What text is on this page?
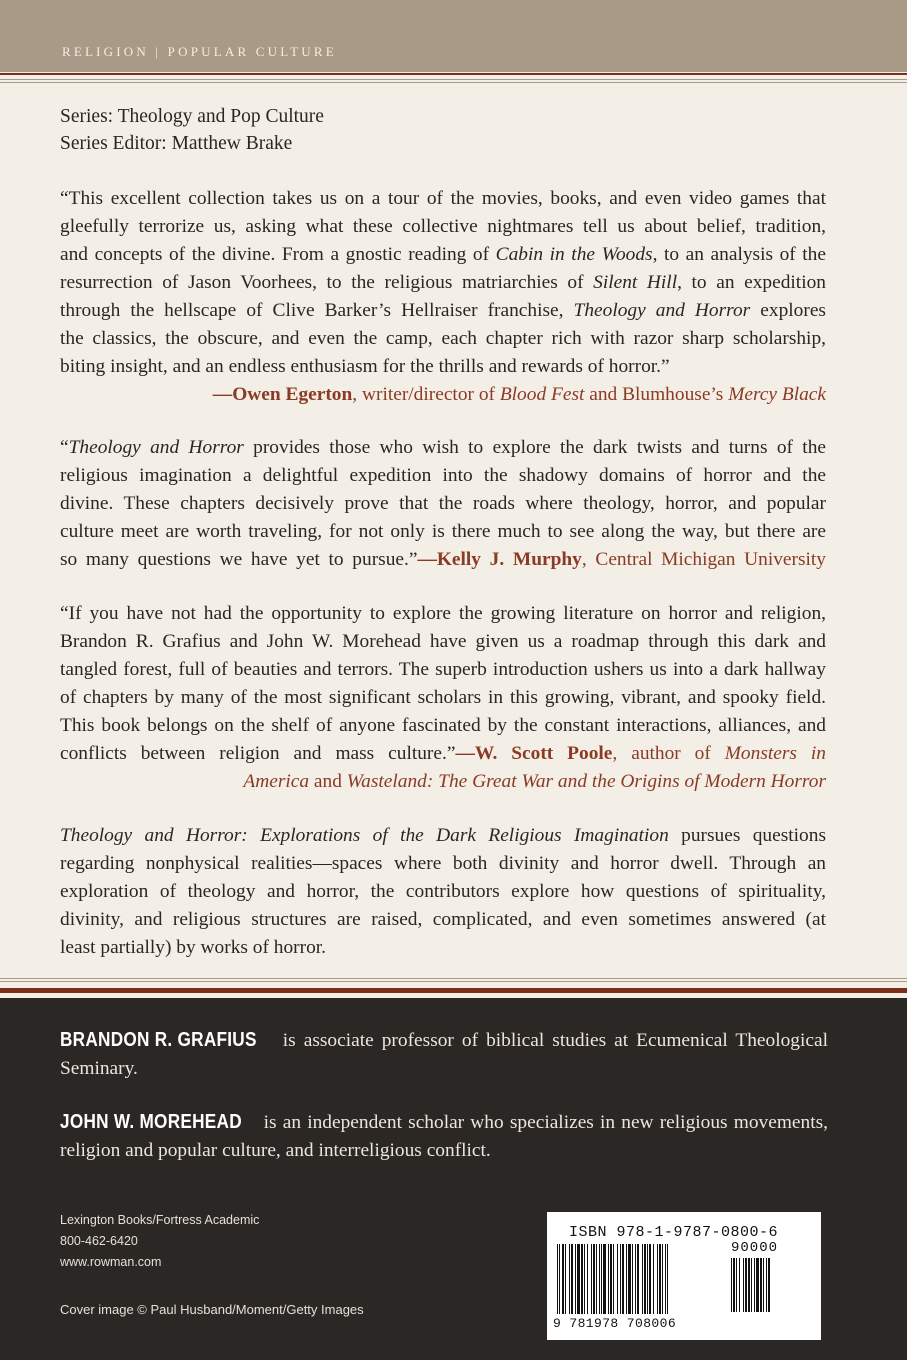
RELIGION | POPULAR CULTURE
Series: Theology and Pop Culture
Series Editor: Matthew Brake
“This excellent collection takes us on a tour of the movies, books, and even video games that
gleefully terrorize us, asking what these collective nightmares tell us about belief, tradition,
and concepts of the divine. From a gnostic reading of Cabin in the Woods, to an analysis of the
resurrection of Jason Voorhees, to the religious matriarchies of Silent Hill, to an expedition
through the hellscape of Clive Barker’s Hellraiser franchise, Theology and Horror explores
the classics, the obscure, and even the camp, each chapter rich with razor sharp scholarship,
biting insight, and an endless enthusiasm for the thrills and rewards of horror.”
—Owen Egerton, writer/director of Blood Fest and Blumhouse’s Mercy Black
“Theology and Horror provides those who wish to explore the dark twists and turns of the
religious imagination a delightful expedition into the shadowy domains of horror and the
divine. These chapters decisively prove that the roads where theology, horror, and popular
culture meet are worth traveling, for not only is there much to see along the way, but there are
so many questions we have yet to pursue.”—Kelly J. Murphy, Central Michigan University
“If you have not had the opportunity to explore the growing literature on horror and religion,
Brandon R. Grafius and John W. Morehead have given us a roadmap through this dark and
tangled forest, full of beauties and terrors. The superb introduction ushers us into a dark hallway
of chapters by many of the most significant scholars in this growing, vibrant, and spooky field.
This book belongs on the shelf of anyone fascinated by the constant interactions, alliances, and
conflicts between religion and mass culture.”—W. Scott Poole, author of Monsters in
America and Wasteland: The Great War and the Origins of Modern Horror
Theology and Horror: Explorations of the Dark Religious Imagination pursues questions
regarding nonphysical realities—spaces where both divinity and horror dwell. Through an
exploration of theology and horror, the contributors explore how questions of spirituality,
divinity, and religious structures are raised, complicated, and even sometimes answered (at
least partially) by works of horror.
BRANDON R. GRAFIUS is associate professor of biblical studies at Ecumenical Theological
Seminary.
JOHN W. MOREHEAD is an independent scholar who specializes in new religious movements,
religion and popular culture, and interreligious conflict.
Lexington Books/Fortress Academic
800-462-6420
www.rowman.com
Cover image © Paul Husband/Moment/Getty Images
ISBN 978-1-9787-0800-6
90000
9 781978 708006
